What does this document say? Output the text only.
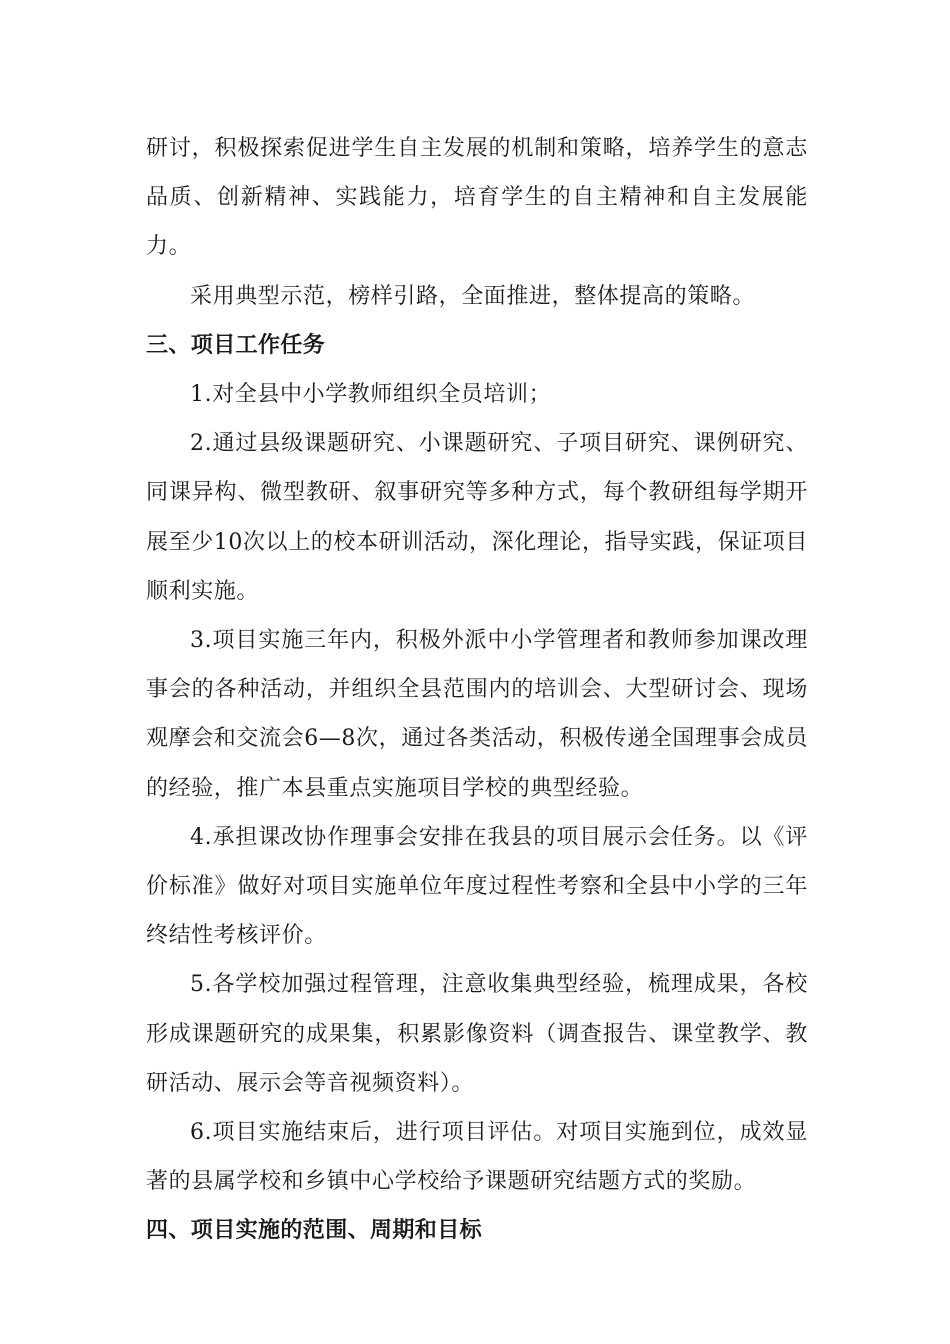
研讨，积极探索促进学生自主发展的机制和策略，培养学生的意志品质、创新精神、实践能力，培育学生的自主精神和自主发展能力。

采用典型示范，榜样引路，全面推进，整体提高的策略。

三、项目工作任务

1.对全县中小学教师组织全员培训；

2.通过县级课题研究、小课题研究、子项目研究、课例研究、同课异构、微型教研、叙事研究等多种方式，每个教研组每学期开展至少10次以上的校本研训活动，深化理论，指导实践，保证项目顺利实施。

3.项目实施三年内，积极外派中小学管理者和教师参加课改理事会的各种活动，并组织全县范围内的培训会、大型研讨会、现场观摩会和交流会6—8次，通过各类活动，积极传递全国理事会成员的经验，推广本县重点实施项目学校的典型经验。

4.承担课改协作理事会安排在我县的项目展示会任务。以《评价标准》做好对项目实施单位年度过程性考察和全县中小学的三年终结性考核评价。

5.各学校加强过程管理，注意收集典型经验，梳理成果，各校形成课题研究的成果集，积累影像资料（调查报告、课堂教学、教研活动、展示会等音视频资料）。

6.项目实施结束后，进行项目评估。对项目实施到位，成效显著的县属学校和乡镇中心学校给予课题研究结题方式的奖励。

四、项目实施的范围、周期和目标
